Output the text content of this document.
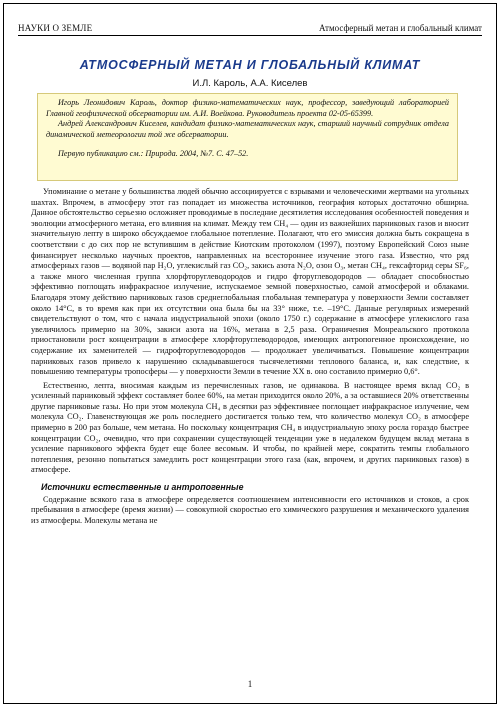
НАУКИ О ЗЕМЛЕ	Атмосферный метан и глобальный климат
АТМОСФЕРНЫЙ МЕТАН И ГЛОБАЛЬНЫЙ КЛИМАТ
И.Л. Кароль, А.А. Киселев

Игорь Леонидович Кароль, доктор физико-математических наук, профессор, заведующий лабораторией Главной геофизической обсерватории им. А.И. Воейкова. Руководитель проекта 02-05-65399.

Андрей Александрович Киселев, кандидат физико-математических наук, старший научный сотрудник отдела динамической метеорологии той же обсерватории.

Первую публикацию см.: Природа. 2004, №7. С. 47–52.

Упоминание о метане у большинства людей обычно ассоциируется с взрывами и человеческими жертвами на угольных шахтах. Впрочем, в атмосферу этот газ попадает из множества источников, география которых достаточно обширна. Данное обстоятельство серьезно осложняет проводимые в последние десятилетия исследования особенностей поведения и эволюции атмосферного метана, его влияния на климат. Между тем CH₄ — один из важнейших парниковых газов и вносит значительную лепту в широко обсуждаемое глобальное потепление. Полагают, что его эмиссия должна быть сокращена в соответствии с до сих пор не вступившим в действие Киотским протоколом (1997), поэтому Европейский Союз ныне финансирует несколько научных проектов, направленных на всестороннее изучение этого газа. Известно, что ряд атмосферных газов — водяной пар H₂O, углекислый газ CO₂, закись азота N₂O, озон O₃, метан CH₄, гексафторид серы SF₆, а также много численная группа хлорфторуглеводородов и гидро фторуглеводородов — обладает способностью эффективно поглощать инфракрасное излучение, испускаемое земной поверхностью, самой атмосферой и облаками. Благодаря этому действию парниковых газов среднеглобальная глобальная температура у поверхности Земли составляет около 14°C, в то время как при их отсутствии она была бы на 33° ниже, т.е. –19°C. Данные регулярных измерений свидетельствуют о том, что с начала индустриальной эпохи (около 1750 г.) содержание в атмосфере углекислого газа увеличилось примерно на 30%, закиси азота на 16%, метана в 2,5 раза. Ограничения Монреальского протокола приостановили рост концентрации в атмосфере хлорфторуглеводородов, имеющих антропогенное происхождение, но содержание их заменителей — гидрофторуглеводородов — продолжает увеличиваться. Повышение концентрации парниковых газов привело к нарушению складывавшегося тысячелетиями теплового баланса, и, как следствие, к повышению температуры тропосферы — у поверхности Земли в течение XX в. оно составило примерно 0,6°.

Естественно, лепта, вносимая каждым из перечисленных газов, не одинакова. В настоящее время вклад CO₂ в усиленный парниковый эффект составляет более 60%, на метан приходится около 20%, а за оставшиеся 20% ответственны другие парниковые газы. Но при этом молекула CH₄ в десятки раз эффективнее поглощает инфракрасное излучение, чем молекула CO₂. Главенствующая же роль последнего достигается только тем, что количество молекул CO₂ в атмосфере примерно в 200 раз больше, чем метана. Но поскольку концентрация CH₄ в индустриальную эпоху росла гораздо быстрее концентрации CO₂, очевидно, что при сохранении существующей тенденции уже в недалеком будущем вклад метана в усиление парникового эффекта будет еще более весомым. И чтобы, по крайней мере, сократить темпы глобального потепления, резонно попытаться замедлить рост концентрации этого газа (как, впрочем, и других парниковых газов) в атмосфере.

Источники естественные и антропогенные

Содержание всякого газа в атмосфере определяется соотношением интенсивности его источников и стоков, а срок пребывания в атмосфере (время жизни) — совокупной скоростью его химического разрушения и механического удаления из атмосферы. Молекулы метана не

1
